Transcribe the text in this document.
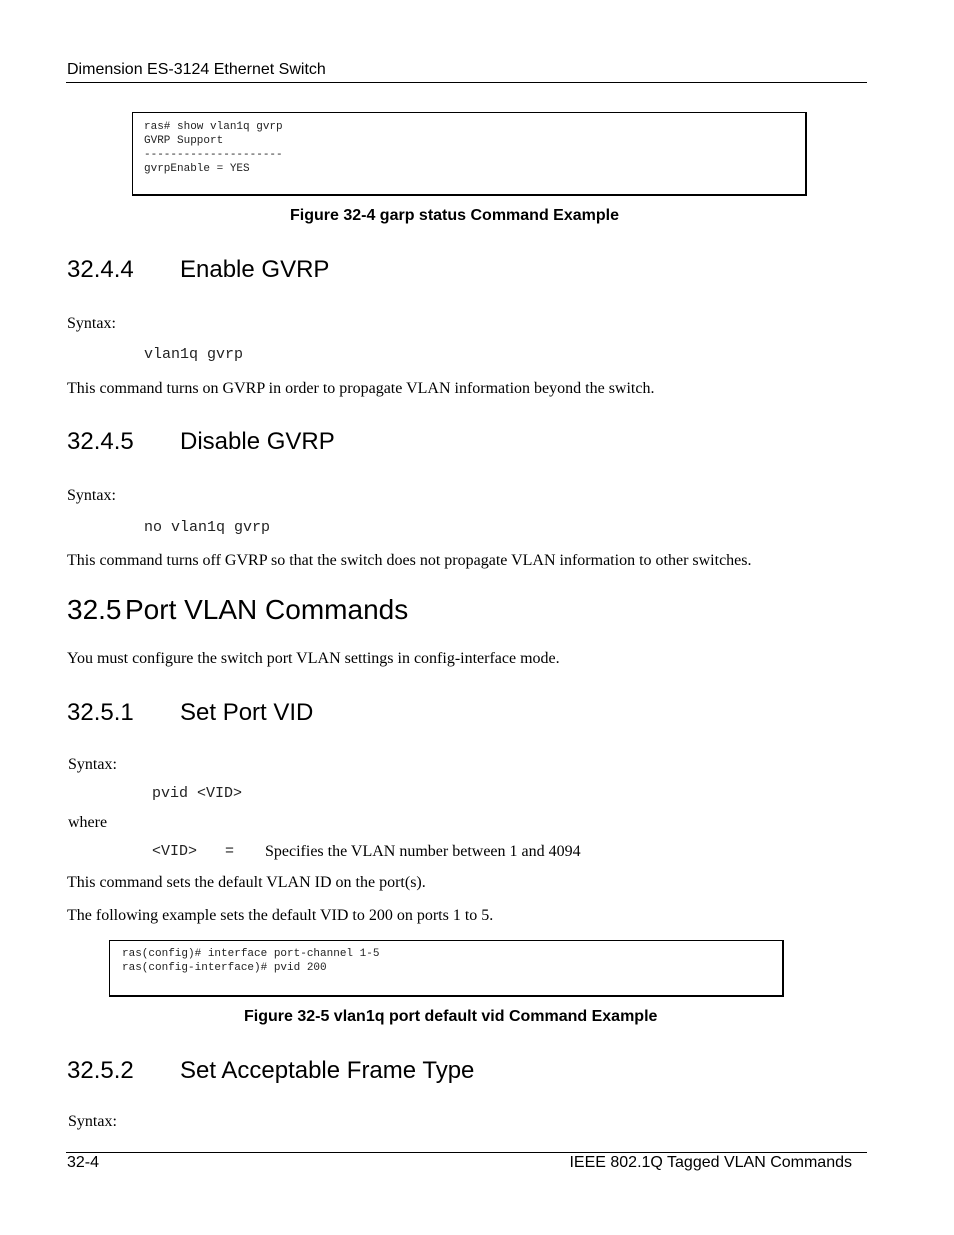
Dimension ES-3124 Ethernet Switch
ras# show vlan1q gvrp
GVRP Support
---------------------
gvrpEnable = YES
Figure 32-4 garp status Command Example
32.4.4 Enable GVRP
Syntax:
vlan1q gvrp
This command turns on GVRP in order to propagate VLAN information beyond the switch.
32.4.5 Disable GVRP
Syntax:
no vlan1q gvrp
This command turns off GVRP so that the switch does not propagate VLAN information to other switches.
32.5 Port VLAN Commands
You must configure the switch port VLAN settings in config-interface mode.
32.5.1 Set Port VID
Syntax:
pvid <VID>
where
<VID> = Specifies the VLAN number between 1 and 4094
This command sets the default VLAN ID on the port(s).
The following example sets the default VID to 200 on ports 1 to 5.
ras(config)# interface port-channel 1-5
ras(config-interface)# pvid 200
Figure 32-5 vlan1q port default vid Command Example
32.5.2 Set Acceptable Frame Type
Syntax:
32-4	IEEE 802.1Q Tagged VLAN Commands
